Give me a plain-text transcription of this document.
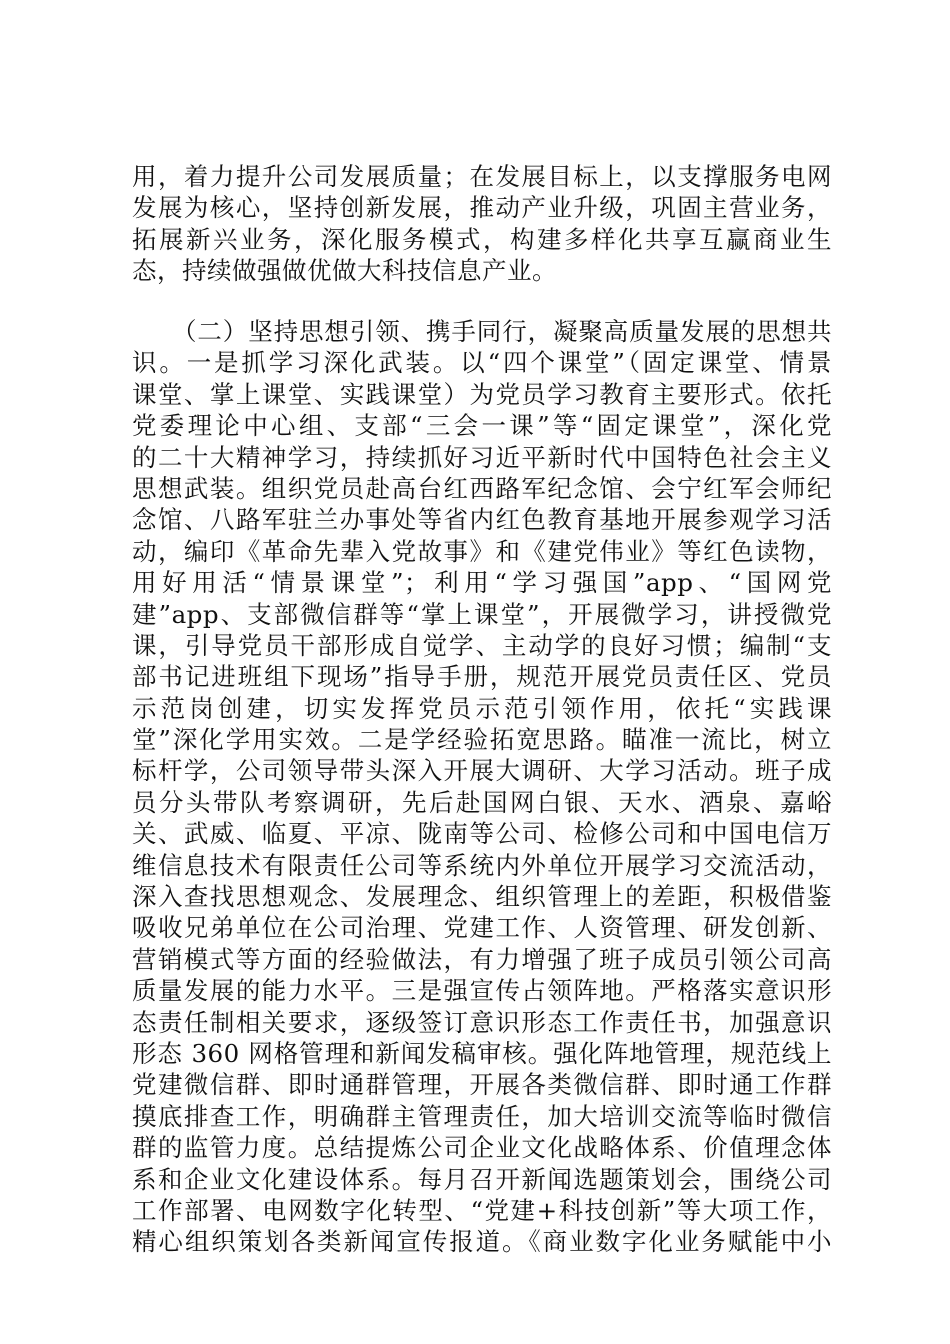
用，着力提升公司发展质量；在发展目标上，以支撑服务电网
发展为核心，坚持创新发展，推动产业升级，巩固主营业务，
拓展新兴业务，深化服务模式，构建多样化共享互赢商业生
态，持续做强做优做大科技信息产业。
（二）坚持思想引领、携手同行，凝聚高质量发展的思想共
识。一是抓学习深化武装。以“四个课堂”（固定课堂、情景
课堂、掌上课堂、实践课堂）为党员学习教育主要形式。依托
党委理论中心组、支部“三会一课”等“固定课堂”，深化党
的二十大精神学习，持续抓好习近平新时代中国特色社会主义
思想武装。组织党员赴高台红西路军纪念馆、会宁红军会师纪
念馆、八路军驻兰办事处等省内红色教育基地开展参观学习活
动，编印《革命先辈入党故事》和《建党伟业》等红色读物，
用好用活“情景课堂”；利用“学习强国”app、“国网党
建”app、支部微信群等“掌上课堂”，开展微学习，讲授微党
课，引导党员干部形成自觉学、主动学的良好习惯；编制“支
部书记进班组下现场”指导手册，规范开展党员责任区、党员
示范岗创建，切实发挥党员示范引领作用，依托“实践课
堂”深化学用实效。二是学经验拓宽思路。瞄准一流比，树立
标杆学，公司领导带头深入开展大调研、大学习活动。班子成
员分头带队考察调研，先后赴国网白银、天水、酒泉、嘉峪
关、武威、临夏、平凉、陇南等公司、检修公司和中国电信万
维信息技术有限责任公司等系统内外单位开展学习交流活动，
深入查找思想观念、发展理念、组织管理上的差距，积极借鉴
吸收兄弟单位在公司治理、党建工作、人资管理、研发创新、
营销模式等方面的经验做法，有力增强了班子成员引领公司高
质量发展的能力水平。三是强宣传占领阵地。严格落实意识形
态责任制相关要求，逐级签订意识形态工作责任书，加强意识
形态 360 网格管理和新闻发稿审核。强化阵地管理，规范线上
党建微信群、即时通群管理，开展各类微信群、即时通工作群
摸底排查工作，明确群主管理责任，加大培训交流等临时微信
群的监管力度。总结提炼公司企业文化战略体系、价值理念体
系和企业文化建设体系。每月召开新闻选题策划会，围绕公司
工作部署、电网数字化转型、“党建+科技创新”等大项工作，
精心组织策划各类新闻宣传报道。《商业数字化业务赋能中小
